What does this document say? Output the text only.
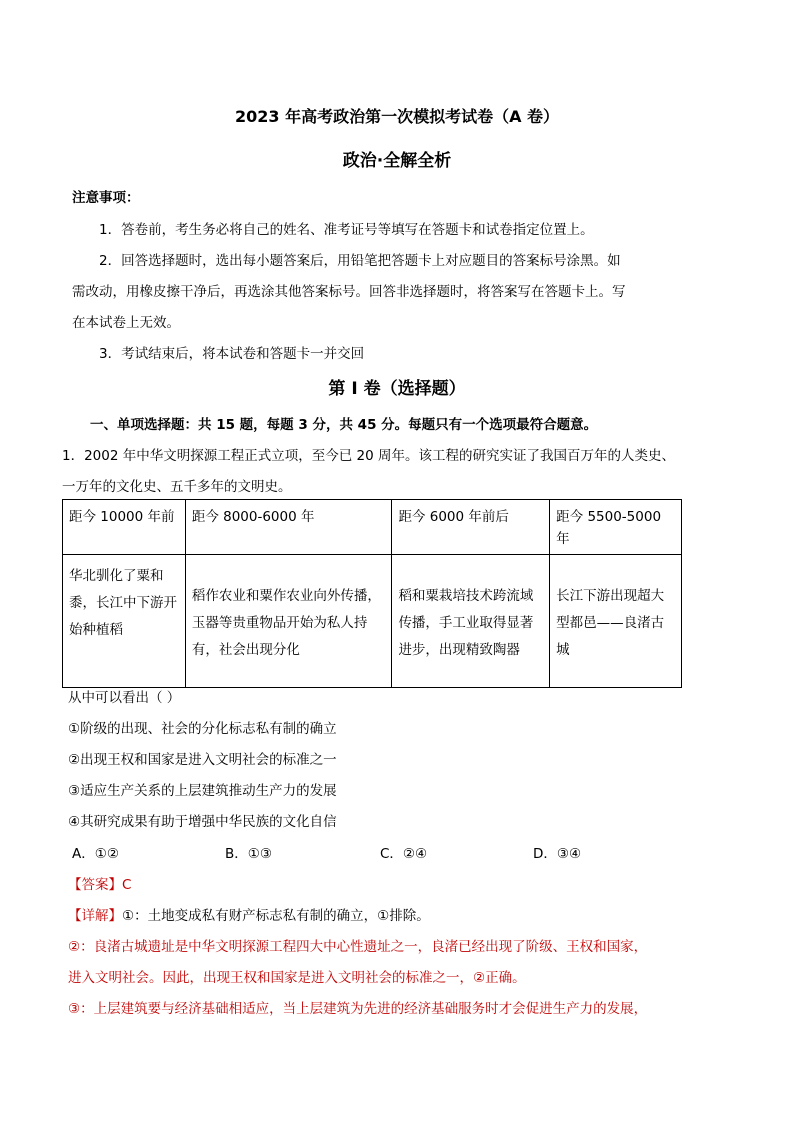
2023 年高考政治第一次模拟考试卷（A 卷）
政治·全解全析
注意事项：
1．答卷前，考生务必将自己的姓名、准考证号等填写在答题卡和试卷指定位置上。
2．回答选择题时，选出每小题答案后，用铅笔把答题卡上对应题目的答案标号涂黑。如
需改动，用橡皮擦干净后，再选涂其他答案标号。回答非选择题时，将答案写在答题卡上。写
在本试卷上无效。
3．考试结束后，将本试卷和答题卡一并交回
第 I 卷（选择题）
一、单项选择题：共 15 题，每题 3 分，共 45 分。每题只有一个选项最符合题意。
1．2002 年中华文明探源工程正式立项，至今已 20 周年。该工程的研究实证了我国百万年的人类史、
一万年的文化史、五千多年的文明史。
距今 10000 年前	距今 8000-6000 年	距今 6000 年前后	距今 5500-5000 年
华北驯化了粟和黍，长江中下游开始种植稻	稻作农业和粟作农业向外传播，玉器等贵重物品开始为私人持有，社会出现分化	稻和粟栽培技术跨流域传播，手工业取得显著进步，出现精致陶器	长江下游出现超大型都邑——良渚古城
从中可以看出（ ）
①阶级的出现、社会的分化标志私有制的确立
②出现王权和国家是进入文明社会的标准之一
③适应生产关系的上层建筑推动生产力的发展
④其研究成果有助于增强中华民族的文化自信
A．①②	B．①③	C．②④	D．③④
【答案】C
【详解】①：土地变成私有财产标志私有制的确立，①排除。
②：良渚古城遗址是中华文明探源工程四大中心性遗址之一，良渚已经出现了阶级、王权和国家，
进入文明社会。因此，出现王权和国家是进入文明社会的标准之一，②正确。
③：上层建筑要与经济基础相适应，当上层建筑为先进的经济基础服务时才会促进生产力的发展，
